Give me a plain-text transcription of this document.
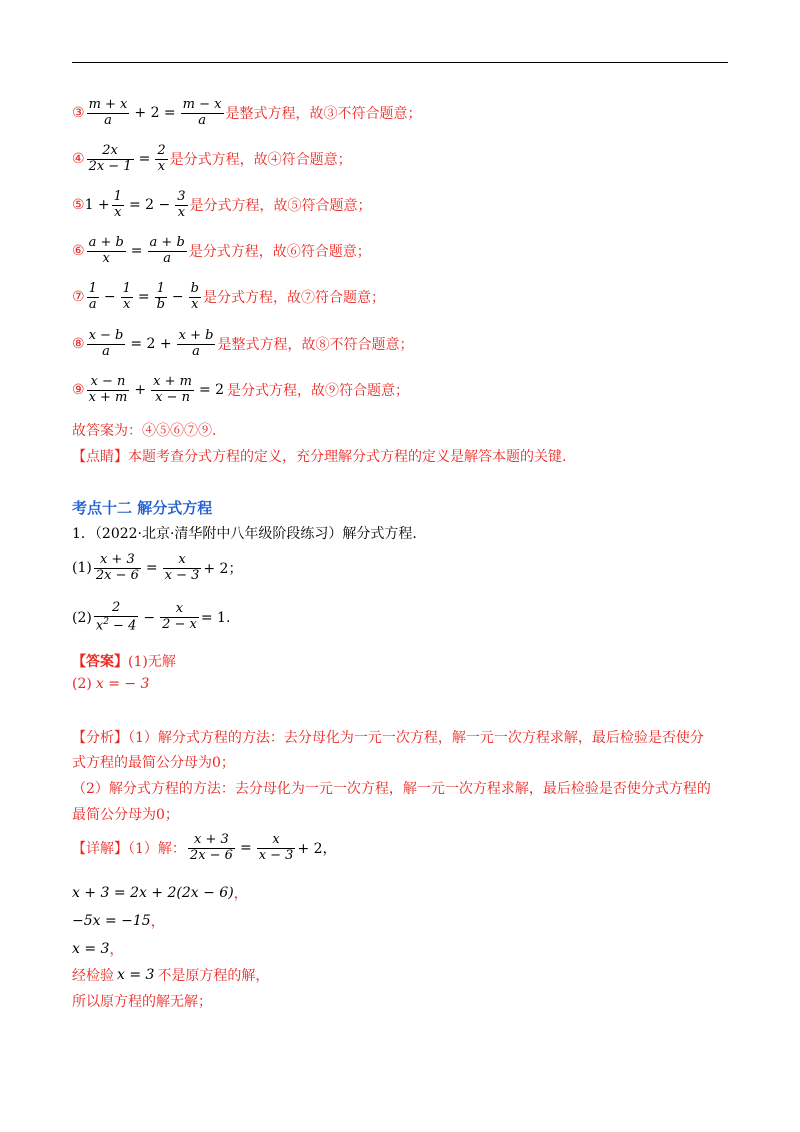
③ $\frac{m + x}{a} + 2 = \frac{m - x}{a}$ 是整式方程，故③不符合题意；
④ $\frac{2x}{2x - 1} = \frac{2}{x}$ 是分式方程，故④符合题意；
⑤ $1 + \frac{1}{x} = 2 - \frac{3}{x}$ 是分式方程，故⑤符合题意；
⑥ $\frac{a + b}{x} = \frac{a + b}{a}$ 是分式方程，故⑥符合题意；
⑦ $\frac{1}{a} - \frac{1}{x} = \frac{1}{b} - \frac{b}{x}$ 是分式方程，故⑦符合题意；
⑧ $\frac{x - b}{a} = 2 + \frac{x + b}{a}$ 是整式方程，故⑧不符合题意；
⑨ $\frac{x - n}{x + m} + \frac{x + m}{x - n} = 2$ 是分式方程，故⑨符合题意；
故答案为：④⑤⑥⑦⑨.
【点睛】本题考查分式方程的定义，充分理解分式方程的定义是解答本题的关键.
考点十二 解分式方程
1．（2022·北京·清华附中八年级阶段练习）解分式方程.
$(1) \frac{x + 3}{2x - 6} = \frac{x}{x - 3} + 2$；
$(2) \frac{2}{x^2 - 4} - \frac{x}{2 - x} = 1$.
【答案】 (1)无解
(2) x = − 3
【分析】（1）解分式方程的方法：去分母化为一元一次方程，解一元一次方程求解，最后检验是否使分
式方程的最简公分母为0；
（2）解分式方程的方法：去分母化为一元一次方程，解一元一次方程求解，最后检验是否使分式方程的
最简公分母为0；
【详解】（1）解： $\frac{x + 3}{2x - 6} = \frac{x}{x - 3} + 2$，
x + 3 = 2x + 2(2x − 6) ，
−5x = −15 ，
x = 3 ，
经检验 x = 3 不是原方程的解，
所以原方程的解无解；
